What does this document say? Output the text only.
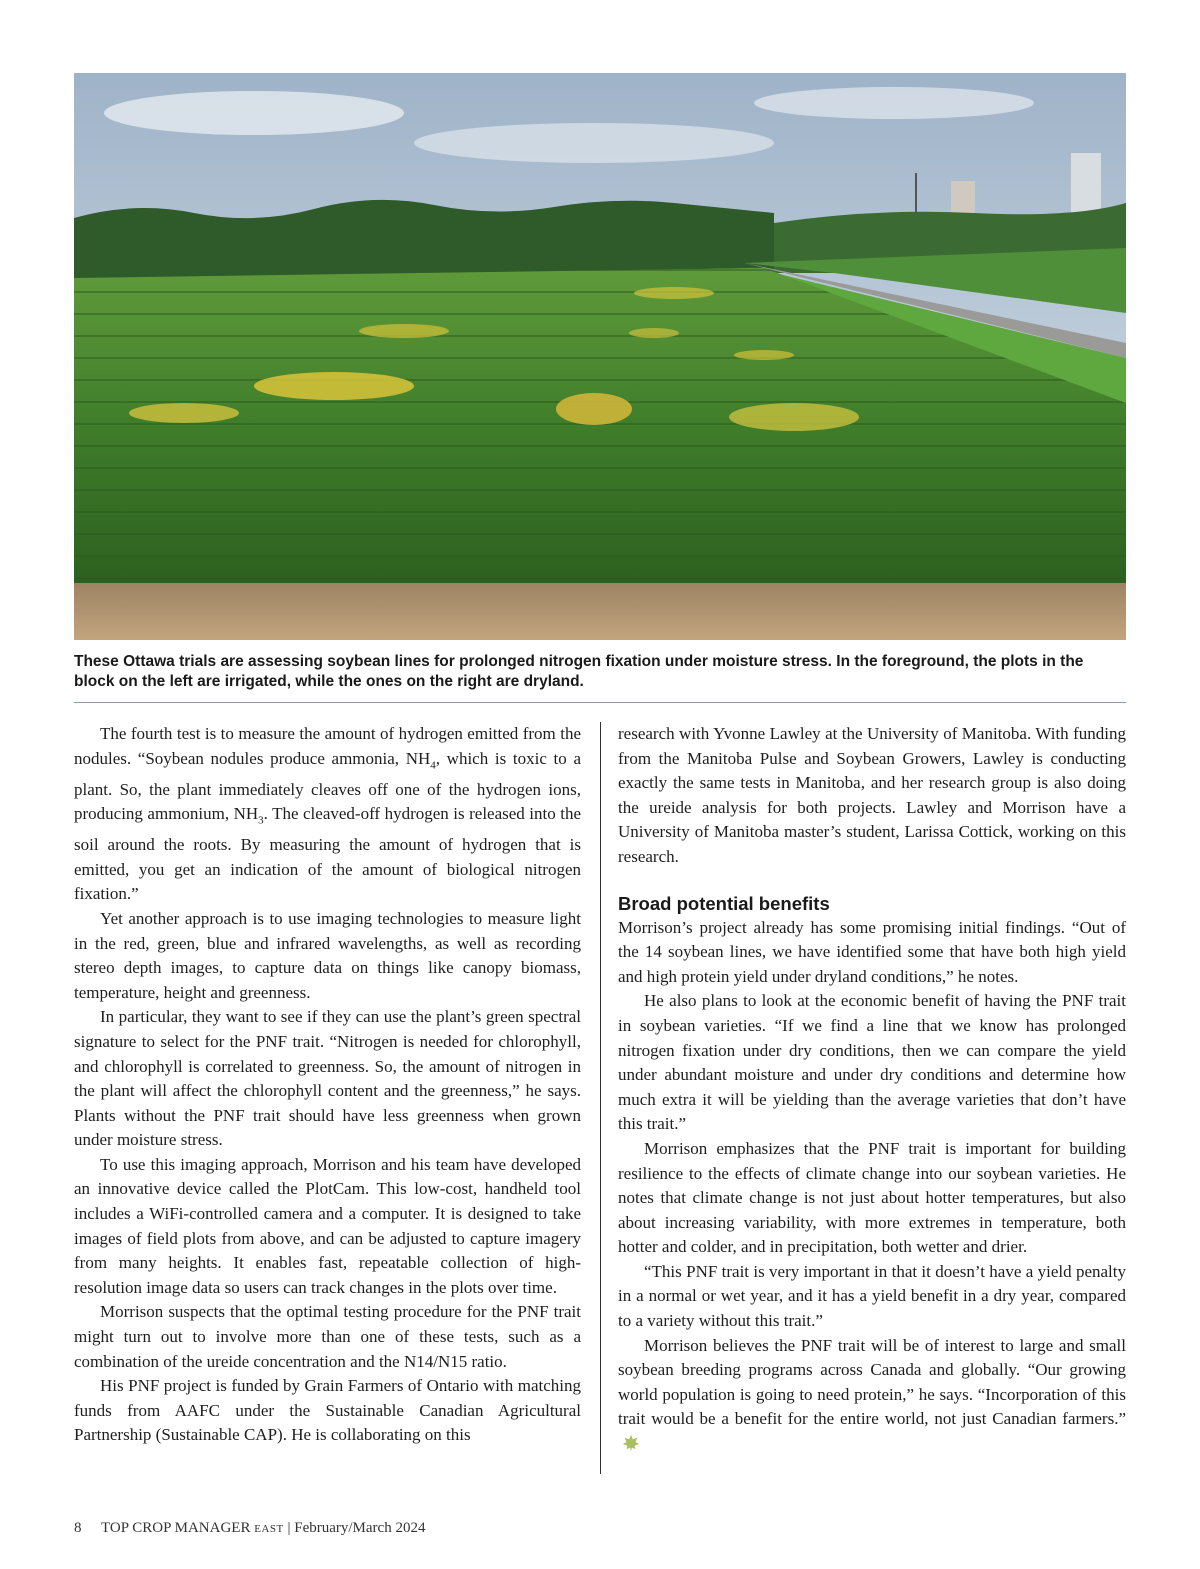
These Ottawa trials are assessing soybean lines for prolonged nitrogen fixation under moisture stress. In the foreground, the plots in the block on the left are irrigated, while the ones on the right are dryland.

The fourth test is to measure the amount of hydrogen emitted from the nodules. “Soybean nodules produce ammonia, $NH_4$, which is toxic to a plant. So, the plant immediately cleaves off one of the hydrogen ions, producing ammonium, $NH_3$. The cleaved-off hydrogen is released into the soil around the roots. By measuring the amount of hydrogen that is emitted, you get an indication of the amount of biological nitrogen fixation.”

Yet another approach is to use imaging technologies to measure light in the red, green, blue and infrared wavelengths, as well as recording stereo depth images, to capture data on things like canopy biomass, temperature, height and greenness.

In particular, they want to see if they can use the plant’s green spectral signature to select for the PNF trait. “Nitrogen is needed for chlorophyll, and chlorophyll is correlated to greenness. So, the amount of nitrogen in the plant will affect the chlorophyll content and the greenness,” he says. Plants without the PNF trait should have less greenness when grown under moisture stress.

To use this imaging approach, Morrison and his team have developed an innovative device called the PlotCam. This low-cost, handheld tool includes a WiFi-controlled camera and a computer. It is designed to take images of field plots from above, and can be adjusted to capture imagery from many heights. It enables fast, repeatable collection of high-resolution image data so users can track changes in the plots over time.

Morrison suspects that the optimal testing procedure for the PNF trait might turn out to involve more than one of these tests, such as a combination of the ureide concentration and the N14/N15 ratio.

His PNF project is funded by Grain Farmers of Ontario with matching funds from AAFC under the Sustainable Canadian Agricultural Partnership (Sustainable CAP). He is collaborating on this

research with Yvonne Lawley at the University of Manitoba. With funding from the Manitoba Pulse and Soybean Growers, Lawley is conducting exactly the same tests in Manitoba, and her research group is also doing the ureide analysis for both projects. Lawley and Morrison have a University of Manitoba master’s student, Larissa Cottick, working on this research.

Broad potential benefits

Morrison’s project already has some promising initial findings. “Out of the 14 soybean lines, we have identified some that have both high yield and high protein yield under dryland conditions,” he notes.

He also plans to look at the economic benefit of having the PNF trait in soybean varieties. “If we find a line that we know has prolonged nitrogen fixation under dry conditions, then we can compare the yield under abundant moisture and under dry conditions and determine how much extra it will be yielding than the average varieties that don’t have this trait.”

Morrison emphasizes that the PNF trait is important for building resilience to the effects of climate change into our soybean varieties. He notes that climate change is not just about hotter temperatures, but also about increasing variability, with more extremes in temperature, both hotter and colder, and in precipitation, both wetter and drier.

“This PNF trait is very important in that it doesn’t have a yield penalty in a normal or wet year, and it has a yield benefit in a dry year, compared to a variety without this trait.”

Morrison believes the PNF trait will be of interest to large and small soybean breeding programs across Canada and globally. “Our growing world population is going to need protein,” he says. “Incorporation of this trait would be a benefit for the entire world, not just Canadian farmers.”

8 TOP CROP MANAGER EAST | February/March 2024
